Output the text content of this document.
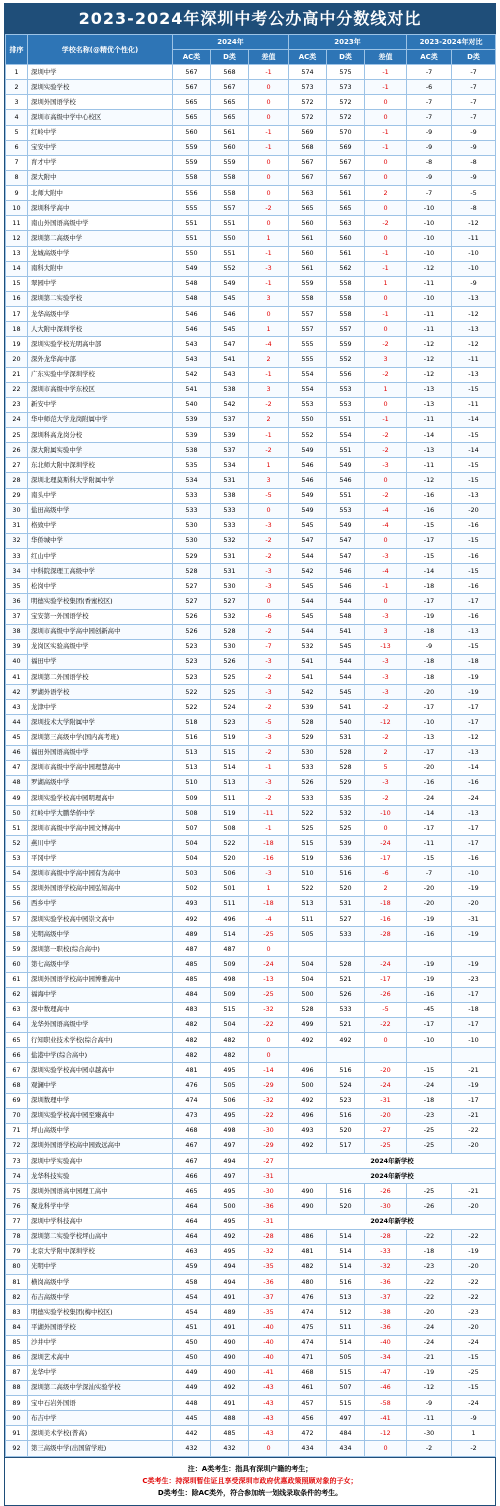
2023-2024年深圳中考公办高中分数线对比
排序	学校名称(@精优个性化)	2024年			2023年			2023-2024年对比	
		AC类	D类	差值	AC类	D类	差值	AC类	D类
1	深圳中学	567	568	-1	574	575	-1	-7	-7
2	深圳实验学校	567	567	0	573	573	-1	-6	-7
3	深圳外国语学校	565	565	0	572	572	0	-7	-7
4	深圳市高级中学中心校区	565	565	0	572	572	0	-7	-7
5	红岭中学	560	561	-1	569	570	-1	-9	-9
6	宝安中学	559	560	-1	568	569	-1	-9	-9
7	育才中学	559	559	0	567	567	0	-8	-8
8	深大附中	558	558	0	567	567	0	-9	-9
9	北师大附中	556	558	0	563	561	2	-7	-5
10	深圳科学高中	555	557	-2	565	565	0	-10	-8
11	南山外国语高级中学	551	551	0	560	563	-2	-10	-12
12	深圳第二高级中学	551	550	1	561	560	0	-10	-11
13	龙城高级中学	550	551	-1	560	561	-1	-10	-10
14	南科大附中	549	552	-3	561	562	-1	-12	-10
15	翠园中学	548	549	-1	559	558	1	-11	-9
16	深圳第二实验学校	548	545	3	558	558	0	-10	-13
17	龙华高级中学	546	546	0	557	558	-1	-11	-12
18	人大附中深圳学校	546	545	1	557	557	0	-11	-13
19	深圳实验学校光明高中部	543	547	-4	555	559	-2	-12	-12
20	深外龙华高中部	543	541	2	555	552	3	-12	-11
21	广东实验中学深圳学校	542	543	-1	554	556	-2	-12	-13
22	深圳市高级中学东校区	541	538	3	554	553	1	-13	-15
23	新安中学	540	542	-2	553	553	0	-13	-11
24	华中师范大学龙岗附属中学	539	537	2	550	551	-1	-11	-14
25	深圳科高龙岗分校	539	539	-1	552	554	-2	-14	-15
26	深大附属实验中学	538	537	-2	549	551	-2	-13	-14
27	东北师大附中深圳学校	535	534	1	546	549	-3	-11	-15
28	深圳北理莫斯科大学附属中学	534	531	3	546	546	0	-12	-15
29	南头中学	533	538	-5	549	551	-2	-16	-13
30	盐田高级中学	533	533	0	549	553	-4	-16	-20
31	格致中学	530	533	-3	545	549	-4	-15	-16
32	华侨城中学	530	532	-2	547	547	0	-17	-15
33	红山中学	529	531	-2	544	547	-3	-15	-16
34	中科院深理工高级中学	528	531	-3	542	546	-4	-14	-15
35	松岗中学	527	530	-3	545	546	-1	-18	-16
36	明德实验学校集团(香蜜校区)	527	527	0	544	544	0	-17	-17
37	宝安第一外国语学校	526	532	-6	545	548	-3	-19	-16
38	深圳市高级中学高中园创新高中	526	528	-2	544	541	3	-18	-13
39	龙岗区实验高级中学	523	530	-7	532	545	-13	-9	-15
40	福田中学	523	526	-3	541	544	-3	-18	-18
41	深圳第二外国语学校	523	525	-2	541	544	-3	-18	-19
42	罗湖外语学校	522	525	-3	542	545	-3	-20	-19
43	龙津中学	522	524	-2	539	541	-2	-17	-17
44	深圳技术大学附属中学	518	523	-5	528	540	-12	-10	-17
45	深圳第三高级中学(国内高考班)	516	519	-3	529	531	-2	-13	-12
46	福田外国语高级中学	513	515	-2	530	528	2	-17	-13
47	深圳市高级中学高中园理慧高中	513	514	-1	533	528	5	-20	-14
48	罗湖高级中学	510	513	-3	526	529	-3	-16	-16
49	深圳实验学校高中园明理高中	509	511	-2	533	535	-2	-24	-24
50	红岭中学大鹏华侨中学	508	519	-11	522	532	-10	-14	-13
51	深圳市高级中学高中园文博高中	507	508	-1	525	525	0	-17	-17
52	燕川中学	504	522	-18	515	539	-24	-11	-17
53	平冈中学	504	520	-16	519	536	-17	-15	-16
54	深圳市高级中学高中园有为高中	503	506	-3	510	516	-6	-7	-10
55	深圳外国语学校高中园弘知高中	502	501	1	522	520	2	-20	-19
56	西乡中学	493	511	-18	513	531	-18	-20	-20
57	深圳实验学校高中园崇文高中	492	496	-4	511	527	-16	-19	-31
58	光明高级中学	489	514	-25	505	533	-28	-16	-19
59	深圳第一职校(综合高中)	487	487	0					
60	第七高级中学	485	509	-24	504	528	-24	-19	-19
61	深圳外国语学校高中园博雅高中	485	498	-13	504	521	-17	-19	-23
62	福海中学	484	509	-25	500	526	-26	-16	-17
63	深中数理高中	483	515	-32	528	533	-5	-45	-18
64	龙华外国语高级中学	482	504	-22	499	521	-22	-17	-17
65	行知职业技术学校(综合高中)	482	482	0	492	492	0	-10	-10
66	盐港中学(综合高中)	482	482	0					
67	深圳实验学校高中园卓越高中	481	495	-14	496	516	-20	-15	-21
68	观澜中学	476	505	-29	500	524	-24	-24	-19
69	深圳数理中学	474	506	-32	492	523	-31	-18	-17
70	深圳实验学校高中园至臻高中	473	495	-22	496	516	-20	-23	-21
71	坪山高级中学	468	498	-30	493	520	-27	-25	-22
72	深圳外国语学校高中园致远高中	467	497	-29	492	517	-25	-25	-20
73	深圳中学实验高中	467	494	-27	2024年新学校				
74	龙华科技实验	466	497	-31	2024年新学校				
75	深圳外国语高中园理工高中	465	495	-30	490	516	-26	-25	-21
76	聚龙科学中学	464	500	-36	490	520	-30	-26	-20
77	深圳中学科技高中	464	495	-31	2024年新学校				
78	深圳第二实验学校坪山高中	464	492	-28	486	514	-28	-22	-22
79	北京大学附中深圳学校	463	495	-32	481	514	-33	-18	-19
80	光明中学	459	494	-35	482	514	-32	-23	-20
81	横岗高级中学	458	494	-36	480	516	-36	-22	-22
82	布吉高级中学	454	491	-37	476	513	-37	-22	-22
83	明德实验学校集团(梅中校区)	454	489	-35	474	512	-38	-20	-23
84	平湖外国语学校	451	491	-40	475	511	-36	-24	-20
85	沙井中学	450	490	-40	474	514	-40	-24	-24
86	深圳艺术高中	450	490	-40	471	505	-34	-21	-15
87	龙华中学	449	490	-41	468	515	-47	-19	-25
88	深圳第二高级中学深汕实验学校	449	492	-43	461	507	-46	-12	-15
89	宝中石岩外国语	448	491	-43	457	515	-58	-9	-24
90	布吉中学	445	488	-43	456	497	-41	-11	-9
91	深圳美术学校(普高)	442	485	-43	472	484	-12	-30	1
92	第三高级中学(出国留学班)	432	432	0	434	434	0	-2	-2
注：A类考生：指具有深圳户籍的考生；
C类考生：持深圳暂住证且享受深圳市政府优惠政策照顾对象的子女；
D类考生：除AC类外，符合参加统一划线录取条件的考生。
